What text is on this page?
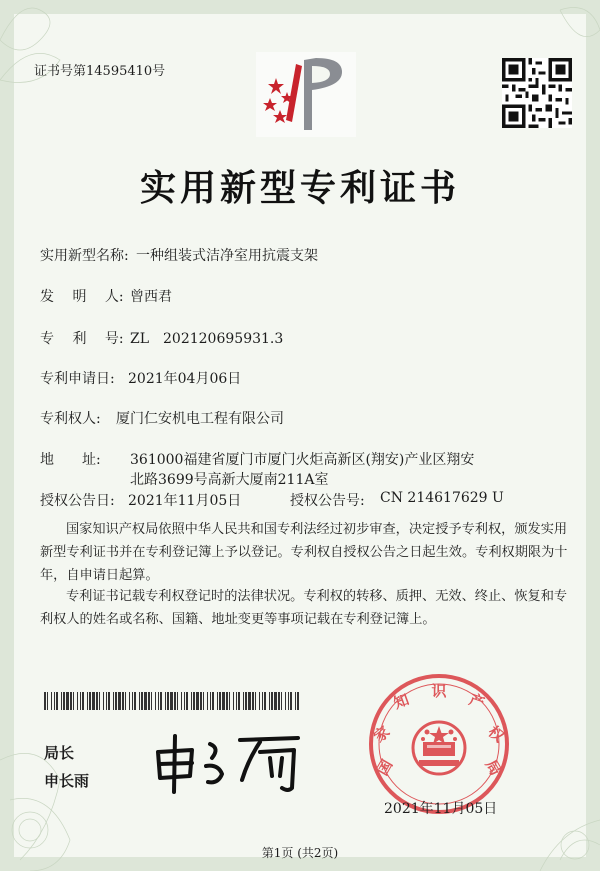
证书号第14595410号
实用新型专利证书
实用新型名称: 一种组装式洁净室用抗震支架
发　 明 　人: 曾西君
专　 利 　号: ZL　202120695931.3
专利申请日: 2021年04月06日
专利权人: 厦门仁安机电工程有限公司
地　　址: 361000福建省厦门市厦门火炬高新区(翔安)产业区翔安
北路3699号高新大厦南211A室
授权公告日: 2021年11月05日	授权公告号: CN 214617629 U
国家知识产权局依照中华人民共和国专利法经过初步审查，决定授予专利权，颁发实用
新型专利证书并在专利登记簿上予以登记。专利权自授权公告之日起生效。专利权期限为十
年，自申请日起算。
专利证书记载专利权登记时的法律状况。专利权的转移、质押、无效、终止、恢复和专
利权人的姓名或名称、国籍、地址变更等事项记载在专利登记簿上。
局长
申长雨
国
家
知 识 产
权
局
2021年11月05日
第1页 (共2页)
